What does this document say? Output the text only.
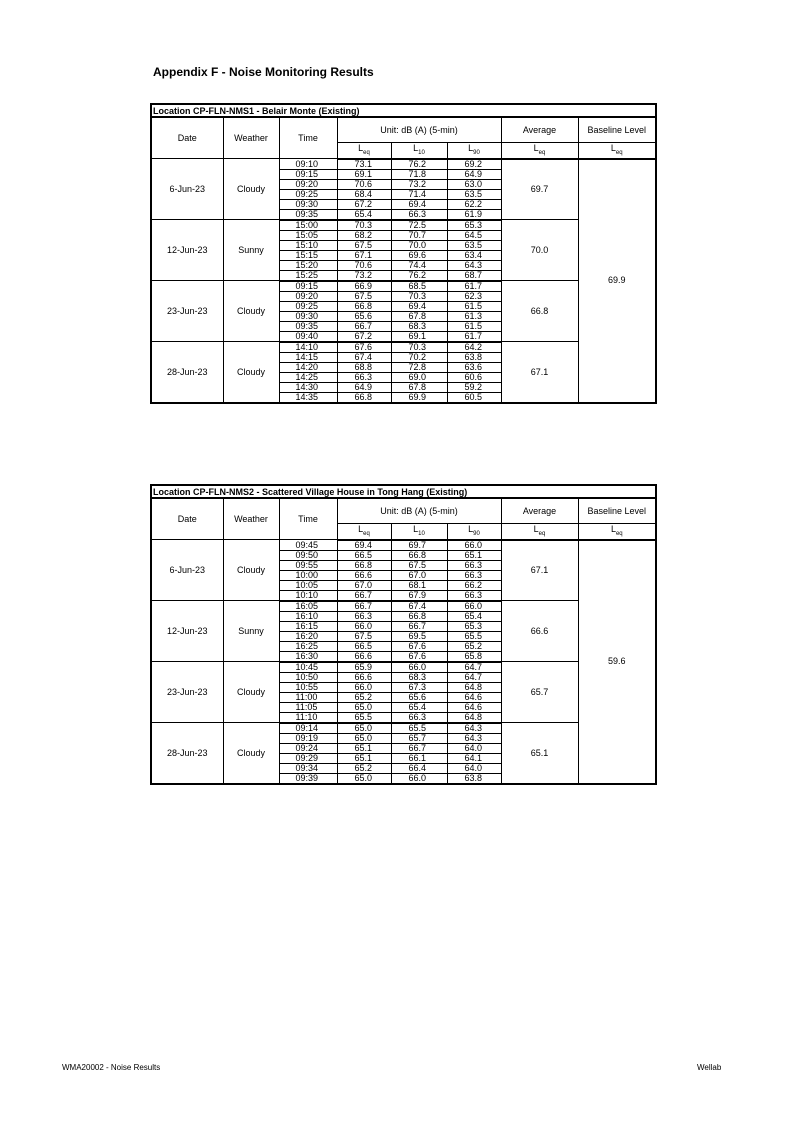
Appendix F - Noise Monitoring Results
Location CP-FLN-NMS1 - Belair Monte (Existing)							
Date	Weather	Time	Unit: dB (A) (5-min)			Average	Baseline Level
			$L_{eq}$	$L_{10}$	$L_{90}$	$L_{eq}$	$L_{eq}$
6-Jun-23	Cloudy	09:10	73.1	76.2	69.2	69.7	69.9
		09:15	69.1	71.8	64.9		
		09:20	70.6	73.2	63.0		
		09:25	68.4	71.4	63.5		
		09:30	67.2	69.4	62.2		
		09:35	65.4	66.3	61.9		
12-Jun-23	Sunny	15:00	70.3	72.5	65.3	70.0	
		15:05	68.2	70.7	64.5		
		15:10	67.5	70.0	63.5		
		15:15	67.1	69.6	63.4		
		15:20	70.6	74.4	64.3		
		15:25	73.2	76.2	68.7		
23-Jun-23	Cloudy	09:15	66.9	68.5	61.7	66.8	
		09:20	67.5	70.3	62.3		
		09:25	66.8	69.4	61.5		
		09:30	65.6	67.8	61.3		
		09:35	66.7	68.3	61.5		
		09:40	67.2	69.1	61.7		
28-Jun-23	Cloudy	14:10	67.6	70.3	64.2	67.1	
		14:15	67.4	70.2	63.8		
		14:20	68.8	72.8	63.6		
		14:25	66.3	69.0	60.6		
		14:30	64.9	67.8	59.2		
		14:35	66.8	69.9	60.5		
Location CP-FLN-NMS2 - Scattered Village House in Tong Hang (Existing)							
Date	Weather	Time	Unit: dB (A) (5-min)			Average	Baseline Level
			$L_{eq}$	$L_{10}$	$L_{90}$	$L_{eq}$	$L_{eq}$
6-Jun-23	Cloudy	09:45	69.4	69.7	66.0	67.1	59.6
		09:50	66.5	66.8	65.1		
		09:55	66.8	67.5	66.3		
		10:00	66.6	67.0	66.3		
		10:05	67.0	68.1	66.2		
		10:10	66.7	67.9	66.3		
12-Jun-23	Sunny	16:05	66.7	67.4	66.0	66.6	
		16:10	66.3	66.8	65.4		
		16:15	66.0	66.7	65.3		
		16:20	67.5	69.5	65.5		
		16:25	66.5	67.6	65.2		
		16:30	66.6	67.6	65.8		
23-Jun-23	Cloudy	10:45	65.9	66.0	64.7	65.7	
		10:50	66.6	68.3	64.7		
		10:55	66.0	67.3	64.8		
		11:00	65.2	65.6	64.6		
		11:05	65.0	65.4	64.6		
		11:10	65.5	66.3	64.8		
28-Jun-23	Cloudy	09:14	65.0	65.5	64.3	65.1	
		09:19	65.0	65.7	64.3		
		09:24	65.1	66.7	64.0		
		09:29	65.1	66.1	64.1		
		09:34	65.2	66.4	64.0		
		09:39	65.0	66.0	63.8		
WMA20002 - Noise Results	Wellab
